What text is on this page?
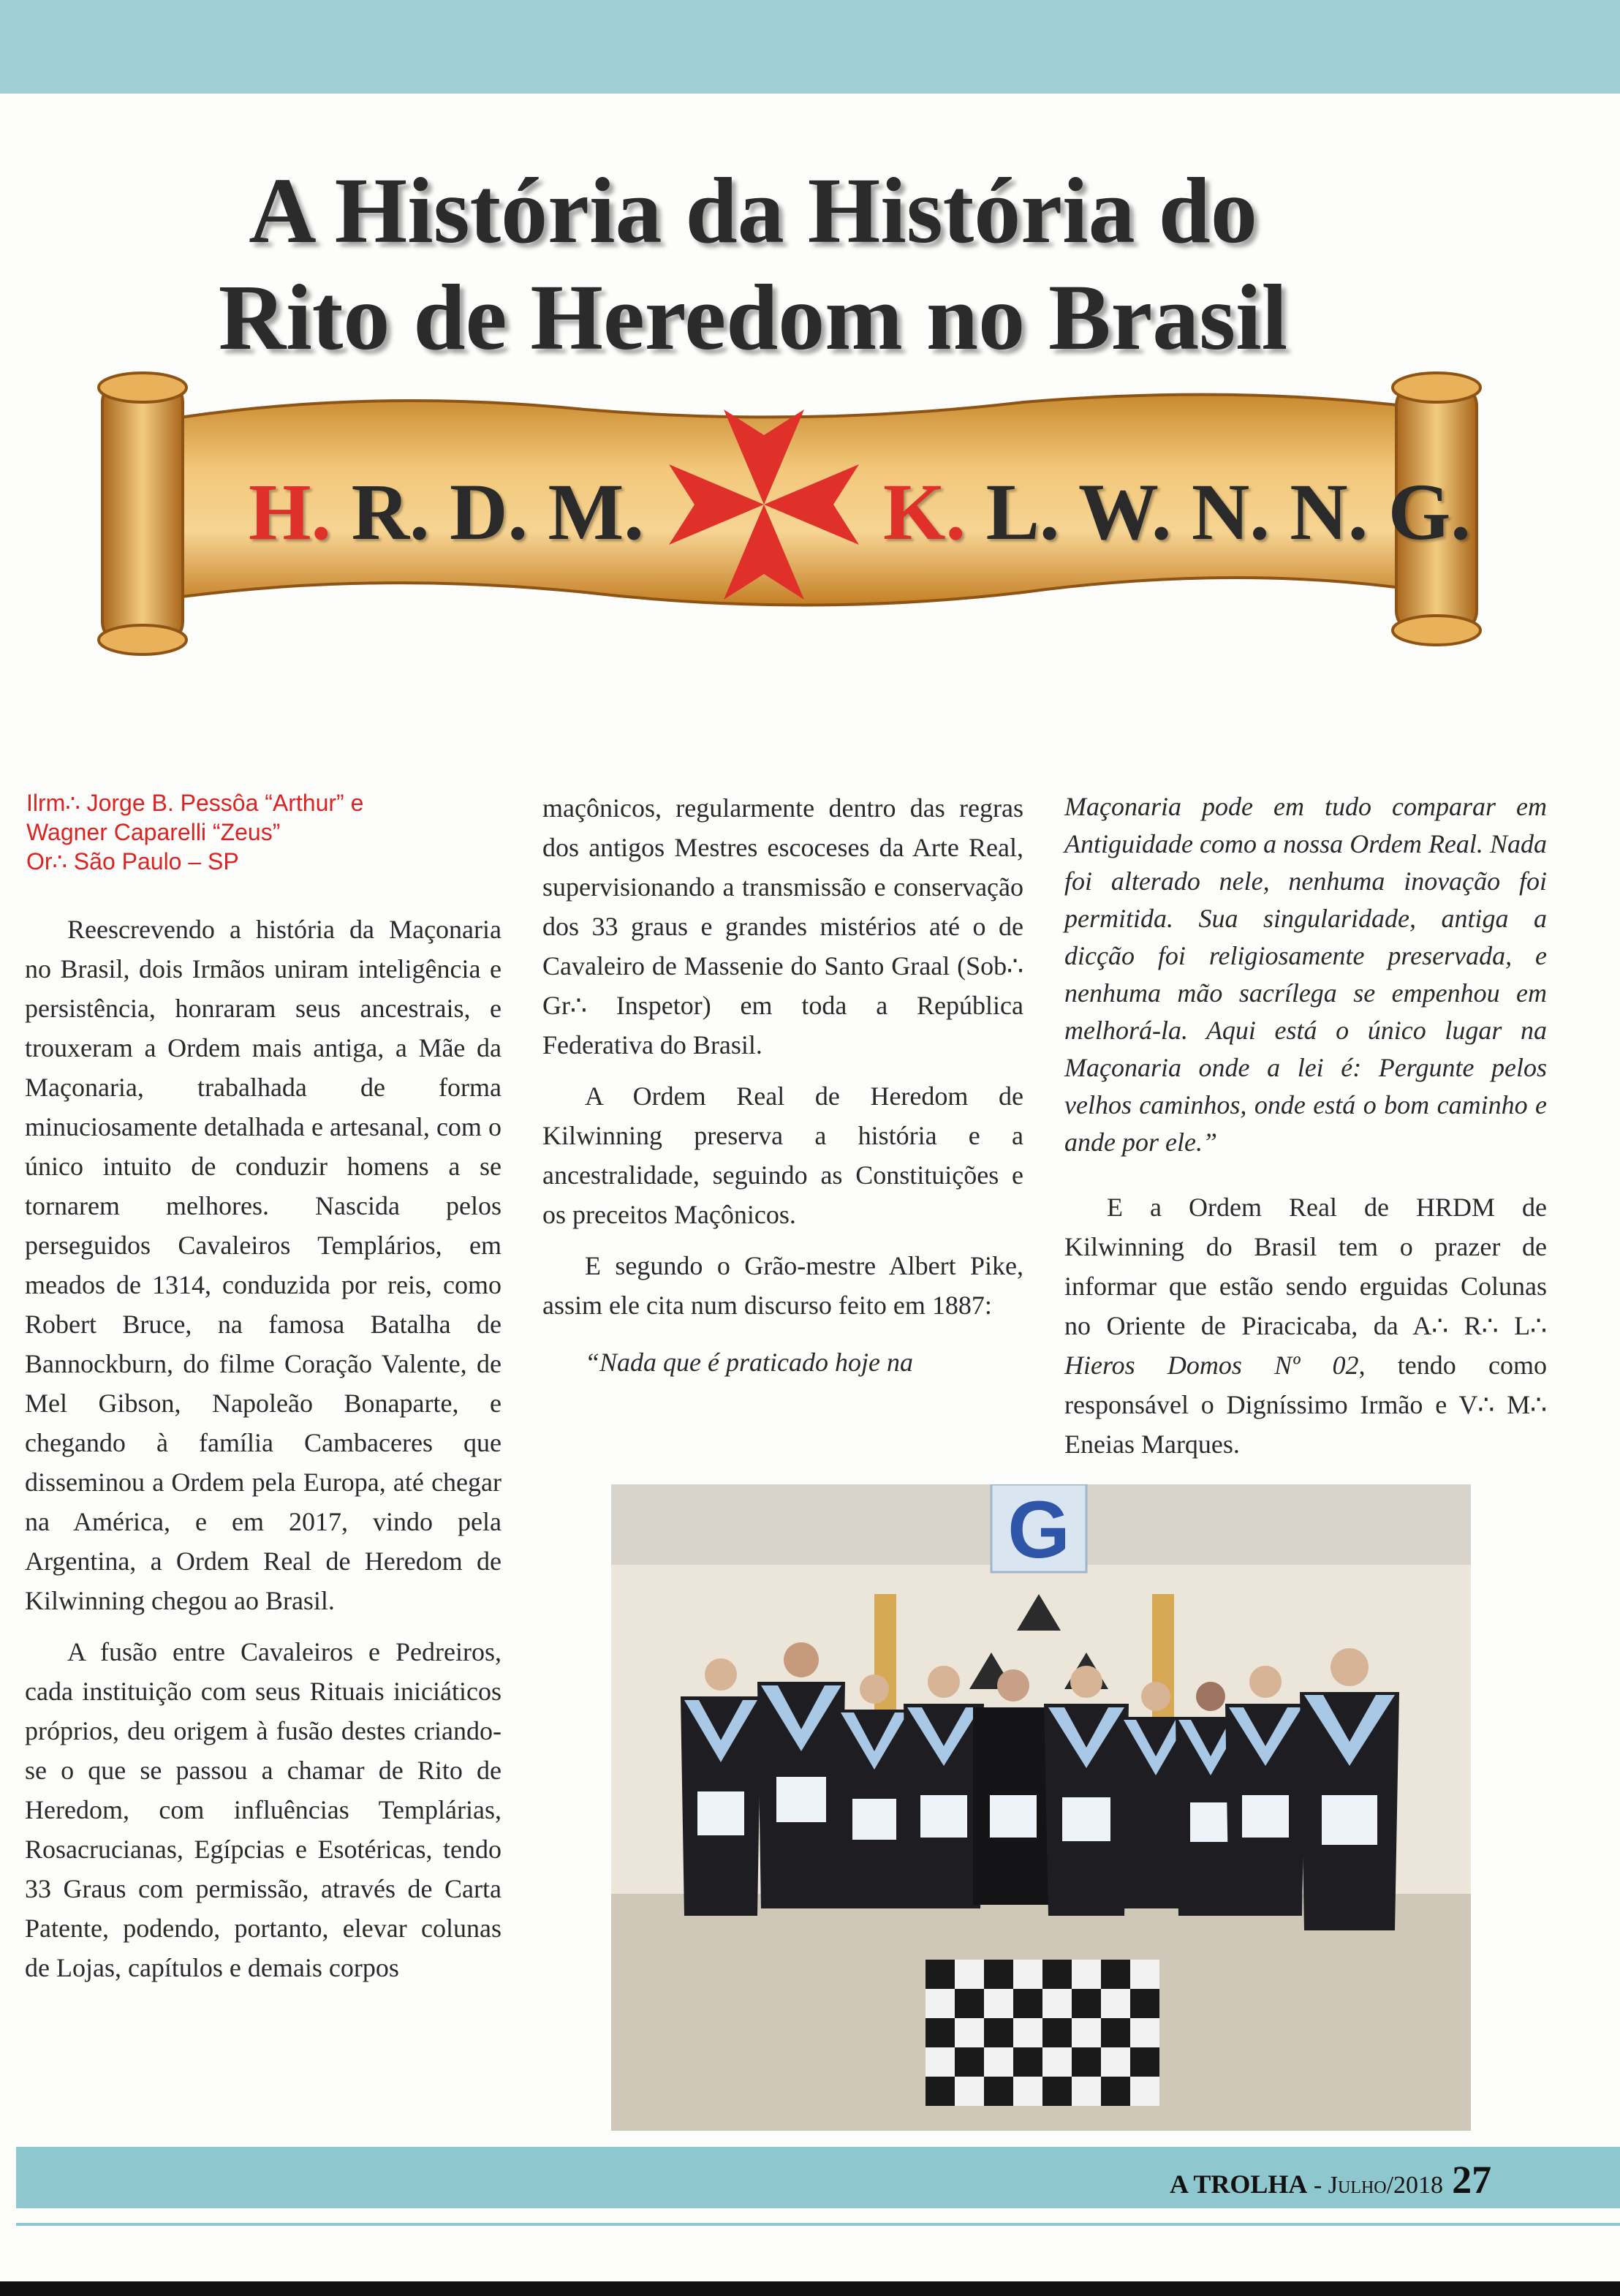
A História da História do
Rito de Heredom no Brasil
H. R. D. M.	K. L. W. N. N. G.
Ilrm∴ Jorge B. Pessôa “Arthur” e
Wagner Caparelli “Zeus”
Or∴ São Paulo – SP

Reescrevendo a história da Maçonaria no Brasil, dois Irmãos uniram inteligência e persistência, honraram seus ancestrais, e trouxeram a Ordem mais antiga, a Mãe da Maçonaria, trabalhada de forma minuciosamente detalhada e artesanal, com o único intuito de conduzir homens a se tornarem melhores. Nascida pelos perseguidos Cavaleiros Templários, em meados de 1314, conduzida por reis, como Robert Bruce, na famosa Batalha de Bannockburn, do filme Coração Valente, de Mel Gibson, Napoleão Bonaparte, e chegando à família Cambaceres que disseminou a Ordem pela Europa, até chegar na América, e em 2017, vindo pela Argentina, a Ordem Real de Heredom de Kilwinning chegou ao Brasil.

A fusão entre Cavaleiros e Pedreiros, cada instituição com seus Rituais iniciáticos próprios, deu origem à fusão destes criando-se o que se passou a chamar de Rito de Heredom, com influências Templárias, Rosacrucianas, Egípcias e Esotéricas, tendo 33 Graus com permissão, através de Carta Patente, podendo, portanto, elevar colunas de Lojas, capítulos e demais corpos

maçônicos, regularmente dentro das regras dos antigos Mestres escoceses da Arte Real, supervisionando a transmissão e conservação dos 33 graus e grandes mistérios até o de Cavaleiro de Massenie do Santo Graal (Sob∴ Gr∴ Inspetor) em toda a República Federativa do Brasil.

A Ordem Real de Heredom de Kilwinning preserva a história e a ancestralidade, seguindo as Constituições e os preceitos Maçônicos.

E segundo o Grão-mestre Albert Pike, assim ele cita num discurso feito em 1887:

“Nada que é praticado hoje na

Maçonaria pode em tudo comparar em Antiguidade como a nossa Ordem Real. Nada foi alterado nele, nenhuma inovação foi permitida. Sua singularidade, antiga a dicção foi religiosamente preservada, e nenhuma mão sacrílega se empenhou em melhorá-la. Aqui está o único lugar na Maçonaria onde a lei é: Pergunte pelos velhos caminhos, onde está o bom caminho e ande por ele.”

E a Ordem Real de HRDM de Kilwinning do Brasil tem o prazer de informar que estão sendo erguidas Colunas no Oriente de Piracicaba, da A∴ R∴ L∴ Hieros Domos Nº 02, tendo como responsável o Digníssimo Irmão e V∴ M∴ Eneias Marques.

G
A TROLHA - Julho/2018 27
